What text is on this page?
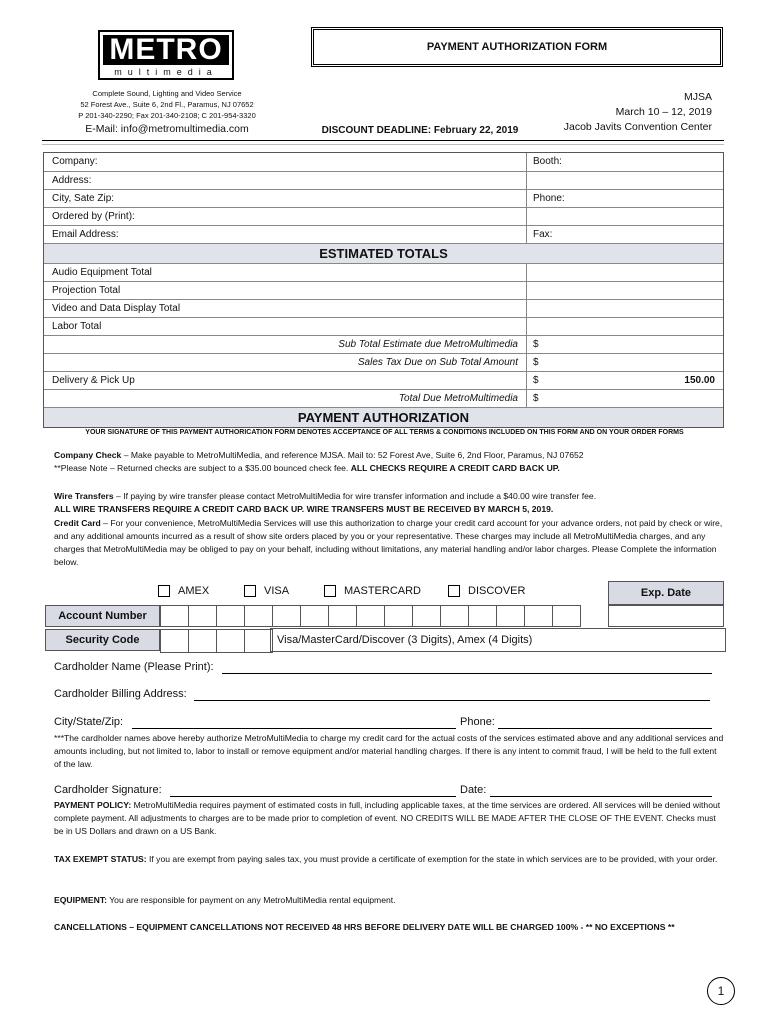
METRO
multimedia
Complete Sound, Lighting and Video Service
52 Forest Ave., Suite 6, 2nd Fl., Paramus, NJ 07652
P 201-340-2290; Fax 201-340-2108; C 201-954-3320
E-Mail: info@metromultimedia.com
PAYMENT AUTHORIZATION FORM
DISCOUNT DEADLINE: February 22, 2019
MJSA
March 10 – 12, 2019
Jacob Javits Convention Center
Company:	Booth:
Address:
City, Sate Zip:	Phone:
Ordered by (Print):
Email Address:	Fax:
ESTIMATED TOTALS
Audio Equipment Total
Projection Total
Video and Data Display Total
Labor Total
Sub Total Estimate due MetroMultimedia	$
Sales Tax Due on Sub Total Amount	$
Delivery & Pick Up	$	150.00
Total Due MetroMultimedia	$
PAYMENT AUTHORIZATION
YOUR SIGNATURE OF THIS PAYMENT AUTHORICATION FORM DENOTES ACCEPTANCE OF ALL TERMS & CONDITIONS INCLUDED ON THIS FORM AND ON YOUR ORDER FORMS
Company Check – Make payable to MetroMultiMedia, and reference MJSA. Mail to: 52 Forest Ave, Suite 6, 2nd Floor, Paramus, NJ 07652
**Please Note – Returned checks are subject to a $35.00 bounced check fee. ALL CHECKS REQUIRE A CREDIT CARD BACK UP.
Wire Transfers – If paying by wire transfer please contact MetroMultiMedia for wire transfer information and include a $40.00 wire transfer fee.
ALL WIRE TRANSFERS REQUIRE A CREDIT CARD BACK UP. WIRE TRANSFERS MUST BE RECEIVED BY MARCH 5, 2019.
Credit Card – For your convenience, MetroMultiMedia Services will use this authorization to charge your credit card account for your advance orders, not paid by check or wire, and any additional amounts incurred as a result of show site orders placed by you or your representative. These charges may include all MetroMultiMedia charges, and any charges that MetroMultiMedia may be obliged to pay on your behalf, including without limitations, any material handling and/or labor charges. Please Complete the information below.
AMEX	VISA	MASTERCARD	DISCOVER	Exp. Date
Account Number
Security Code	Visa/MasterCard/Discover (3 Digits), Amex (4 Digits)
Cardholder Name (Please Print):
Cardholder Billing Address:
City/State/Zip:	Phone:
***The cardholder names above hereby authorize MetroMultiMedia to charge my credit card for the actual costs of the services estimated above and any additional services and amounts including, but not limited to, labor to install or remove equipment and/or material handling charges. If there is any intent to commit fraud, I will be held to the full extent of the law.
Cardholder Signature:	Date:
PAYMENT POLICY: MetroMultiMedia requires payment of estimated costs in full, including applicable taxes, at the time services are ordered. All services will be denied without complete payment. All adjustments to charges are to be made prior to completion of event. NO CREDITS WILL BE MADE AFTER THE CLOSE OF THE EVENT. Checks must be in US Dollars and drawn on a US Bank.
TAX EXEMPT STATUS: If you are exempt from paying sales tax, you must provide a certificate of exemption for the state in which services are to be provided, with your order.
EQUIPMENT: You are responsible for payment on any MetroMultiMedia rental equipment.
CANCELLATIONS – EQUIPMENT CANCELLATIONS NOT RECEIVED 48 HRS BEFORE DELIVERY DATE WILL BE CHARGED 100% - ** NO EXCEPTIONS **
1
